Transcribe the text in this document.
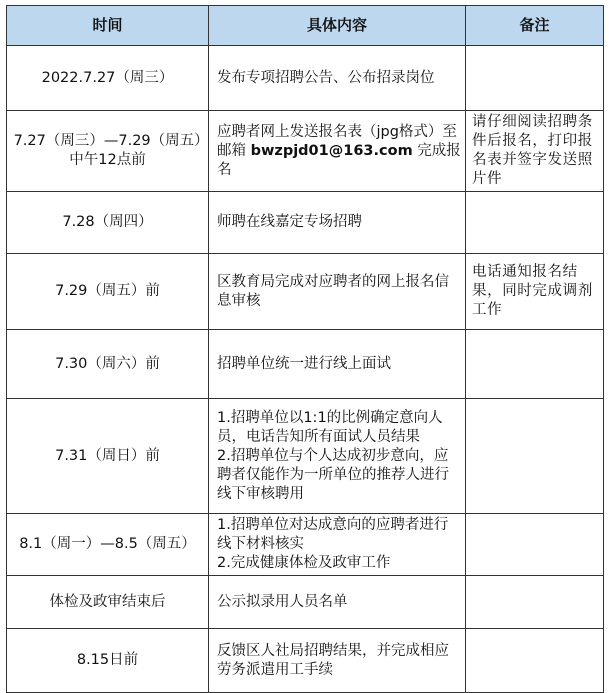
时间	具体内容	备注
2022.7.27（周三）	发布专项招聘公告、公布招录岗位	

7.27（周三）—7.29（周五）中午12点前	应聘者网上发送报名表（jpg格式）至邮箱 bwzpjd01@163.com 完成报名	请仔细阅读招聘条件后报名，打印报名表并签字发送照片件
7.28（周四）	师聘在线嘉定专场招聘	

7.29（周五）前	区教育局完成对应聘者的网上报名信息审核	电话通知报名结果，同时完成调剂工作
7.30（周六）前	招聘单位统一进行线上面试	

7.31（周日）前	1.招聘单位以1:1的比例确定意向人员，电话告知所有面试人员结果
2.招聘单位与个人达成初步意向，应聘者仅能作为一所单位的推荐人进行线下审核聘用	

8.1（周一）—8.5（周五）	1.招聘单位对达成意向的应聘者进行线下材料核实
2.完成健康体检及政审工作	

体检及政审结束后	公示拟录用人员名单	

8.15日前	反馈区人社局招聘结果，并完成相应劳务派遣用工手续	
